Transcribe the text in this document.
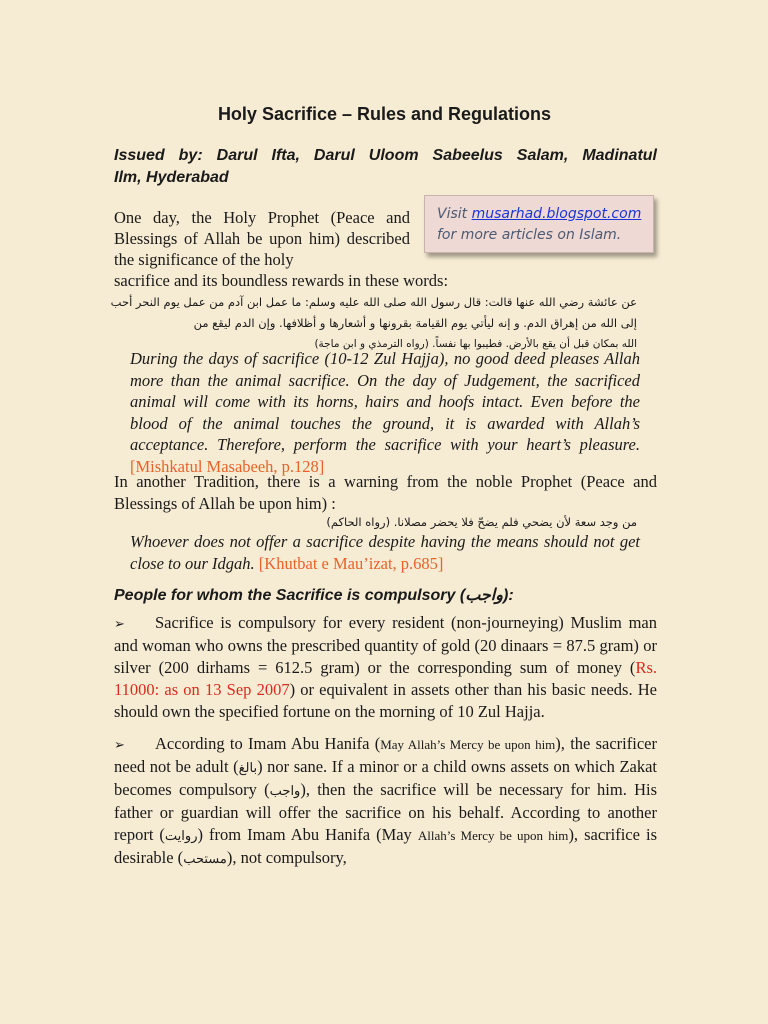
Holy Sacrifice – Rules and Regulations
Issued by: Darul Ifta, Darul Uloom Sabeelus Salam, Madinatul
Ilm, Hyderabad
One day, the Holy Prophet (Peace and Blessings of Allah be upon him) described the significance of the holy
sacrifice and its boundless rewards in these words:
Visit musarhad.blogspot.com
for more articles on Islam.
عن عائشة رضي الله عنها قالت: قال رسول الله صلى الله عليه وسلم: ما عمل ابن آدم من عمل يوم النحر أحب
إلى الله من إهراق الدم. و إنه ليأتي يوم القيامة بقرونها و أشعارها و أظلافها. وإن الدم ليقع من
الله بمكان قبل أن يقع بالأرض. فطيبوا بها نفساً. (رواه الترمذي و ابن ماجة)
During the days of sacrifice (10-12 Zul Hajja), no good deed pleases Allah more than the animal sacrifice. On the day of Judgement, the sacrificed animal will come with its horns, hairs and hoofs intact. Even before the blood of the animal touches the ground, it is awarded with Allah’s acceptance. Therefore, perform the sacrifice with your heart’s pleasure. [Mishkatul Masabeeh, p.128]
In another Tradition, there is a warning from the noble Prophet (Peace and Blessings of Allah be upon him) :
من وجد سعة لأن يضحي فلم يضحّ فلا يحضر مصلانا. (رواه الحاكم)
Whoever does not offer a sacrifice despite having the means should not get close to our Idgah. [Khutbat e Mau’izat, p.685]
People for whom the Sacrifice is compulsory (واجب):
➢ Sacrifice is compulsory for every resident (non-journeying) Muslim man and woman who owns the prescribed quantity of gold (20 dinaars = 87.5 gram) or silver (200 dirhams = 612.5 gram) or the corresponding sum of money (Rs. 11000: as on 13 Sep 2007) or equivalent in assets other than his basic needs. He should own the specified fortune on the morning of 10 Zul Hajja.
➢ According to Imam Abu Hanifa (May Allah’s Mercy be upon him), the sacrificer need not be adult (بالغ) nor sane. If a minor or a child owns assets on which Zakat becomes compulsory (واجب), then the sacrifice will be necessary for him. His father or guardian will offer the sacrifice on his behalf. According to another report (روايت) from Imam Abu Hanifa (May Allah’s Mercy be upon him), sacrifice is desirable (مستحب), not compulsory,
